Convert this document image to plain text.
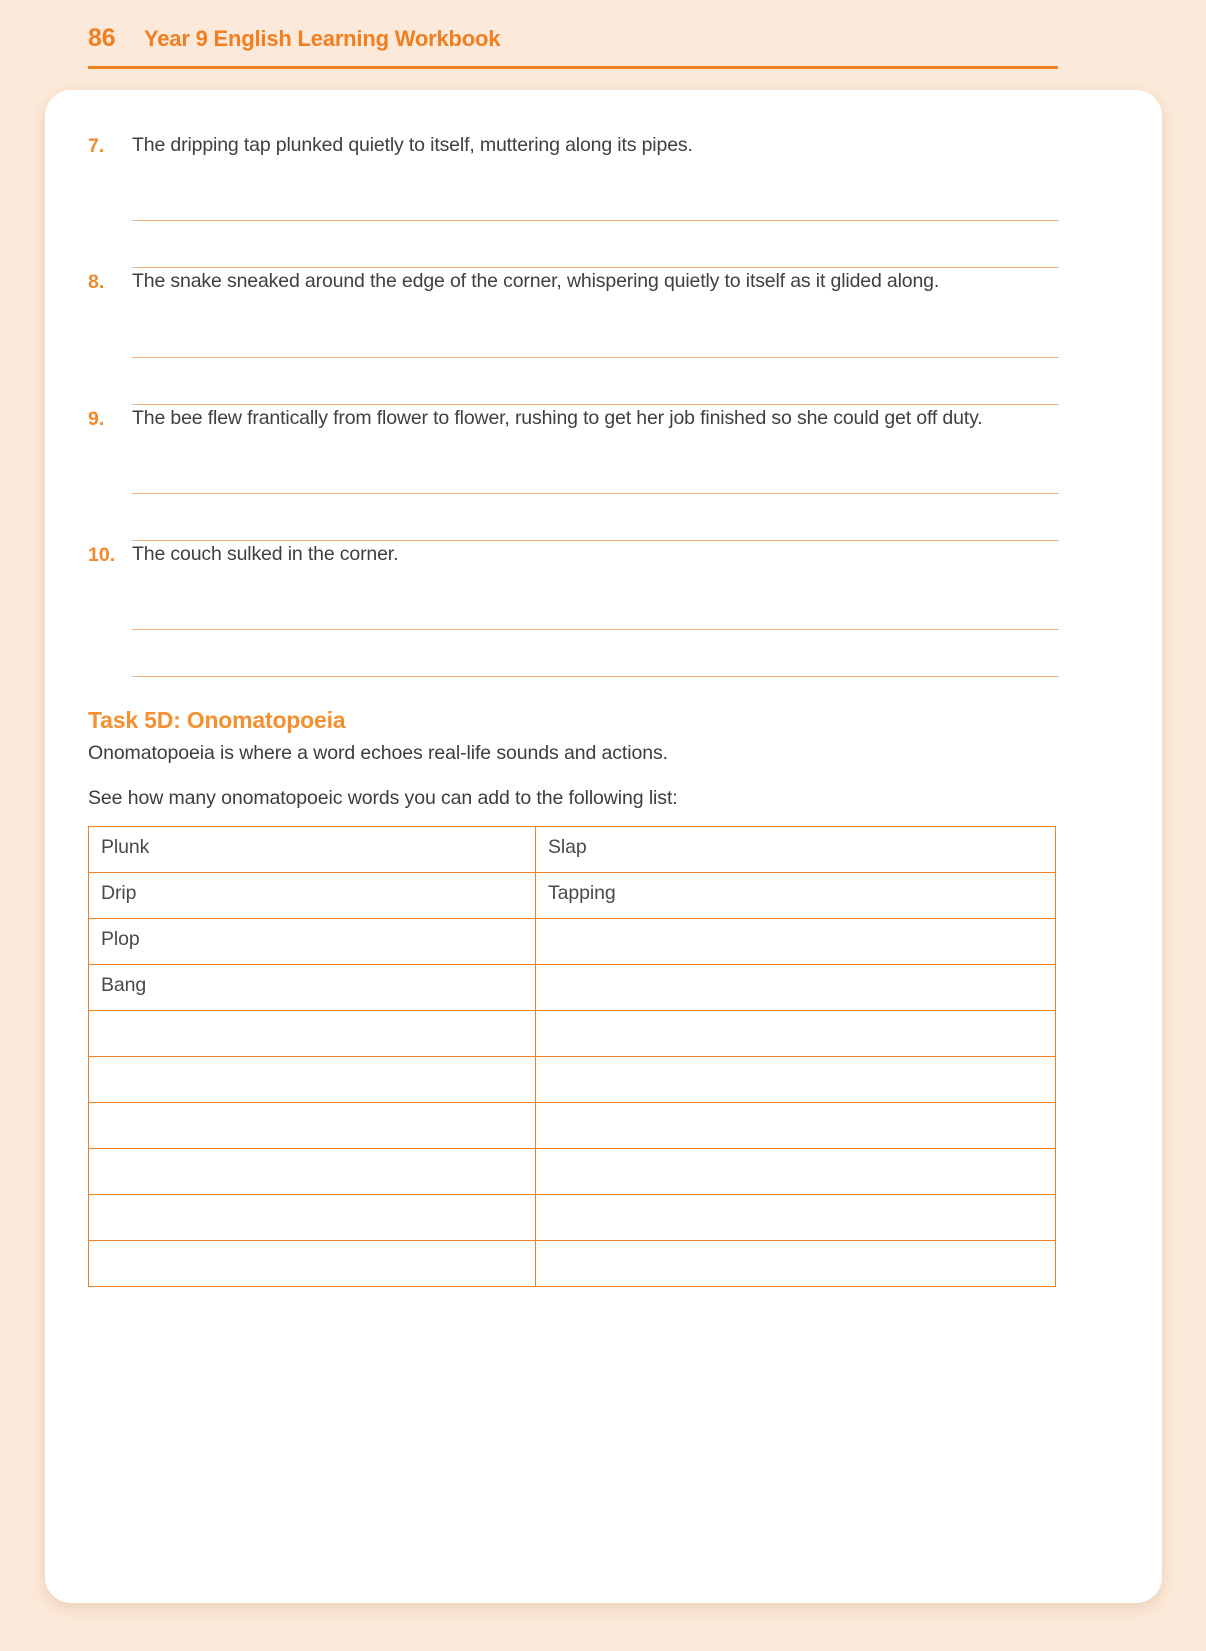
86	Year 9 English Learning Workbook
7.	The dripping tap plunked quietly to itself, muttering along its pipes.
8.	The snake sneaked around the edge of the corner, whispering quietly to itself as it glided along.
9.	The bee flew frantically from flower to flower, rushing to get her job finished so she could get off duty.
10. The couch sulked in the corner.
Task 5D: Onomatopoeia
Onomatopoeia is where a word echoes real-life sounds and actions.
See how many onomatopoeic words you can add to the following list:
Plunk	Slap
Drip	Tapping
Plop	
Bang	
